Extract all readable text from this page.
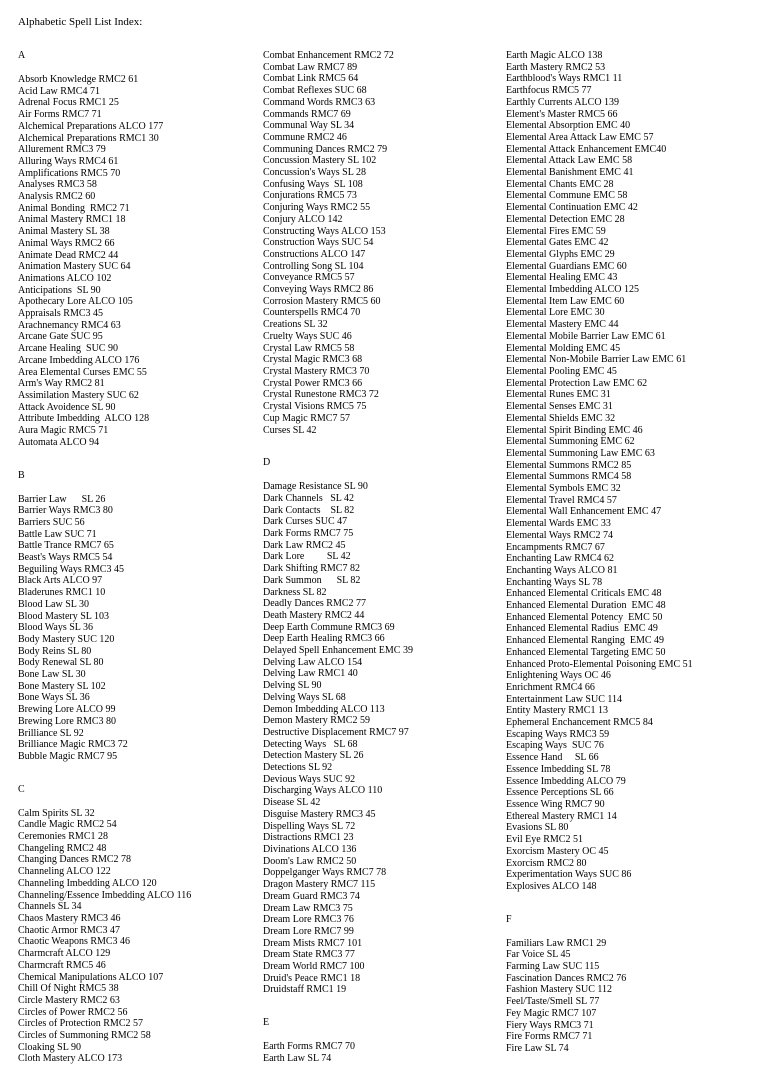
Alphabetic Spell List Index:
A
Absorb Knowledge RMC2 61
Acid Law RMC4 71
Adrenal Focus RMC1 25
Air Forms RMC7 71
Alchemical Preparations ALCO 177
Alchemical Preparations RMC1 30
Allurement RMC3 79
Alluring Ways RMC4 61
Amplifications RMC5 70
Analyses RMC3 58
Analysis RMC2 60
Animal Bonding  RMC2 71
Animal Mastery RMC1 18
Animal Mastery SL 38
Animal Ways RMC2 66
Animate Dead RMC2 44
Animation Mastery SUC 64
Animations ALCO 102
Anticipations  SL 90
Apothecary Lore ALCO 105
Appraisals RMC3 45
Arachnemancy RMC4 63
Arcane Gate SUC 95
Arcane Healing  SUC 90
Arcane Imbedding ALCO 176
Area Elemental Curses EMC 55
Arm's Way RMC2 81
Assimilation Mastery SUC 62
Attack Avoidence SL 90
Attribute Imbedding  ALCO 128
Aura Magic RMC5 71
Automata ALCO 94
B
Barrier Law      SL 26
Barrier Ways RMC3 80
Barriers SUC 56
Battle Law SUC 71
Battle Trance RMC7 65
Beast's Ways RMC5 54
Beguiling Ways RMC3 45
Black Arts ALCO 97
Bladerunes RMC1 10
Blood Law SL 30
Blood Mastery SL 103
Blood Ways SL 36
Body Mastery SUC 120
Body Reins SL 80
Body Renewal SL 80
Bone Law SL 30
Bone Mastery SL 102
Bone Ways SL 36
Brewing Lore ALCO 99
Brewing Lore RMC3 80
Brilliance SL 92
Brilliance Magic RMC3 72
Bubble Magic RMC7 95
C
Calm Spirits SL 32
Candle Magic RMC2 54
Ceremonies RMC1 28
Changeling RMC2 48
Changing Dances RMC2 78
Channeling ALCO 122
Channeling Imbedding ALCO 120
Channeling/Essence Imbedding ALCO 116
Channels SL 34
Chaos Mastery RMC3 46
Chaotic Armor RMC3 47
Chaotic Weapons RMC3 46
Charmcraft ALCO 129
Charmcraft RMC5 46
Chemical Manipulations ALCO 107
Chill Of Night RMC5 38
Circle Mastery RMC2 63
Circles of Power RMC2 56
Circles of Protection RMC2 57
Circles of Summoning RMC2 58
Cloaking SL 90
Cloth Mastery ALCO 173
Combat Enhancement RMC2 72
Combat Law RMC7 89
Combat Link RMC5 64
Combat Reflexes SUC 68
Command Words RMC3 63
Commands RMC7 69
Communal Way SL 34
Commune RMC2 46
Communing Dances RMC2 79
Concussion Mastery SL 102
Concussion's Ways SL 28
Confusing Ways  SL 108
Conjurations RMC5 73
Conjuring Ways RMC2 55
Conjury ALCO 142
Constructing Ways ALCO 153
Construction Ways SUC 54
Constructions ALCO 147
Controlling Song SL 104
Conveyance RMC5 57
Conveying Ways RMC2 86
Corrosion Mastery RMC5 60
Counterspells RMC4 70
Creations SL 32
Cruelty Ways SUC 46
Crystal Law RMC5 58
Crystal Magic RMC3 68
Crystal Mastery RMC3 70
Crystal Power RMC3 66
Crystal Runestone RMC3 72
Crystal Visions RMC5 75
Cup Magic RMC7 57
Curses SL 42
D
Damage Resistance SL 90
Dark Channels   SL 42
Dark Contacts    SL 82
Dark Curses SUC 47
Dark Forms RMC7 75
Dark Law RMC2 45
Dark Lore         SL 42
Dark Shifting RMC7 82
Dark Summon      SL 82
Darkness SL 82
Deadly Dances RMC2 77
Death Mastery RMC2 44
Deep Earth Commune RMC3 69
Deep Earth Healing RMC3 66
Delayed Spell Enhancement EMC 39
Delving Law ALCO 154
Delving Law RMC1 40
Delving SL 90
Delving Ways SL 68
Demon Imbedding ALCO 113
Demon Mastery RMC2 59
Destructive Displacement RMC7 97
Detecting Ways   SL 68
Detection Mastery SL 26
Detections SL 92
Devious Ways SUC 92
Discharging Ways ALCO 110
Disease SL 42
Disguise Mastery RMC3 45
Dispelling Ways SL 72
Distractions RMC1 23
Divinations ALCO 136
Doom's Law RMC2 50
Doppelganger Ways RMC7 78
Dragon Mastery RMC7 115
Dream Guard RMC3 74
Dream Law RMC3 75
Dream Lore RMC3 76
Dream Lore RMC7 99
Dream Mists RMC7 101
Dream State RMC3 77
Dream World RMC7 100
Druid's Peace RMC1 18
Druidstaff RMC1 19
E
Earth Forms RMC7 70
Earth Law SL 74
Earth Magic ALCO 138
Earth Mastery RMC2 53
Earthblood's Ways RMC1 11
Earthfocus RMC5 77
Earthly Currents ALCO 139
Element's Master RMC5 66
Elemental Absorption EMC 40
Elemental Area Attack Law EMC 57
Elemental Attack Enhancement EMC40
Elemental Attack Law EMC 58
Elemental Banishment EMC 41
Elemental Chants EMC 28
Elemental Commune EMC 58
Elemental Continuation EMC 42
Elemental Detection EMC 28
Elemental Fires EMC 59
Elemental Gates EMC 42
Elemental Glyphs EMC 29
Elemental Guardians EMC 60
Elemental Healing EMC 43
Elemental Imbedding ALCO 125
Elemental Item Law EMC 60
Elemental Lore EMC 30
Elemental Mastery EMC 44
Elemental Mobile Barrier Law EMC 61
Elemental Molding EMC 45
Elemental Non-Mobile Barrier Law EMC 61
Elemental Pooling EMC 45
Elemental Protection Law EMC 62
Elemental Runes EMC 31
Elemental Senses EMC 31
Elemental Shields EMC 32
Elemental Spirit Binding EMC 46
Elemental Summoning EMC 62
Elemental Summoning Law EMC 63
Elemental Summons RMC2 85
Elemental Summons RMC4 58
Elemental Symbols EMC 32
Elemental Travel RMC4 57
Elemental Wall Enhancement EMC 47
Elemental Wards EMC 33
Elemental Ways RMC2 74
Encampments RMC7 67
Enchanting Law RMC4 62
Enchanting Ways ALCO 81
Enchanting Ways SL 78
Enhanced Elemental Criticals EMC 48
Enhanced Elemental Duration  EMC 48
Enhanced Elemental Potency  EMC 50
Enhanced Elemental Radius  EMC 49
Enhanced Elemental Ranging  EMC 49
Enhanced Elemental Targeting EMC 50
Enhanced Proto-Elemental Poisoning EMC 51
Enlightening Ways OC 46
Enrichment RMC4 66
Entertainment Law SUC 114
Entity Mastery RMC1 13
Ephemeral Enchancement RMC5 84
Escaping Ways RMC3 59
Escaping Ways  SUC 76
Essence Hand     SL 66
Essence Imbedding SL 78
Essence Imbedding ALCO 79
Essence Perceptions SL 66
Essence Wing RMC7 90
Ethereal Mastery RMC1 14
Evasions SL 80
Evil Eye RMC2 51
Exorcism Mastery OC 45
Exorcism RMC2 80
Experimentation Ways SUC 86
Explosives ALCO 148
F
Familiars Law RMC1 29
Far Voice SL 45
Farming Law SUC 115
Fascination Dances RMC2 76
Fashion Mastery SUC 112
Feel/Taste/Smell SL 77
Fey Magic RMC7 107
Fiery Ways RMC3 71
Fire Forms RMC7 71
Fire Law SL 74
